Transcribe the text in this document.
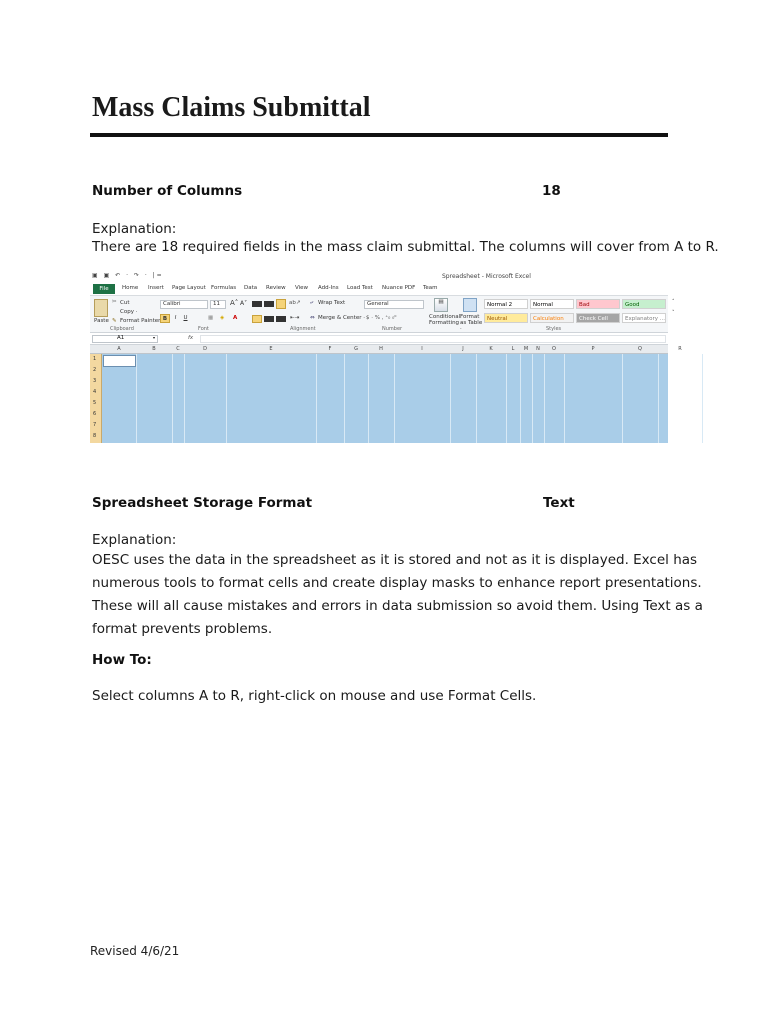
Mass Claims Submittal
Number of Columns	18
Explanation:
There are 18 required fields in the mass claim submittal. The columns will cover from A to R.
▣ ▣ ↶ · ↷ · |=	Spreadsheet - Microsoft Excel
File	Home Insert Page Layout Formulas Data Review View Add-Ins Load Test Nuance PDF Team
Paste
✂ Cut
Copy ·
✎ Format Painter
Calibri	11 A˄ A˅
B	I	U	▦ ◈ A
ab↗
⇤⇥
⤶ Wrap Text
⇔ Merge & Center ·
General
$ · % , ⁺₀ ₀⁰
▤
Conditional Formatting ·
Format as Table ·
Normal 2	Normal	Bad	Good
Neutral	Calculation	Check Cell	Explanatory ...
˄
˅
Clipboard	Font	Alignment	Number	Styles
A1	▾	fx
A	B	C	D	E	F	G	H	I	J	K	L	M	N	O	P	Q	R
1
2
3
4
5
6
7
8
Spreadsheet Storage Format	Text
Explanation:
OESC uses the data in the spreadsheet as it is stored and not as it is displayed. Excel has
numerous tools to format cells and create display masks to enhance report presentations.
These will all cause mistakes and errors in data submission so avoid them. Using Text as a
format prevents problems.
How To:
Select columns A to R, right-click on mouse and use Format Cells.
Revised 4/6/21
